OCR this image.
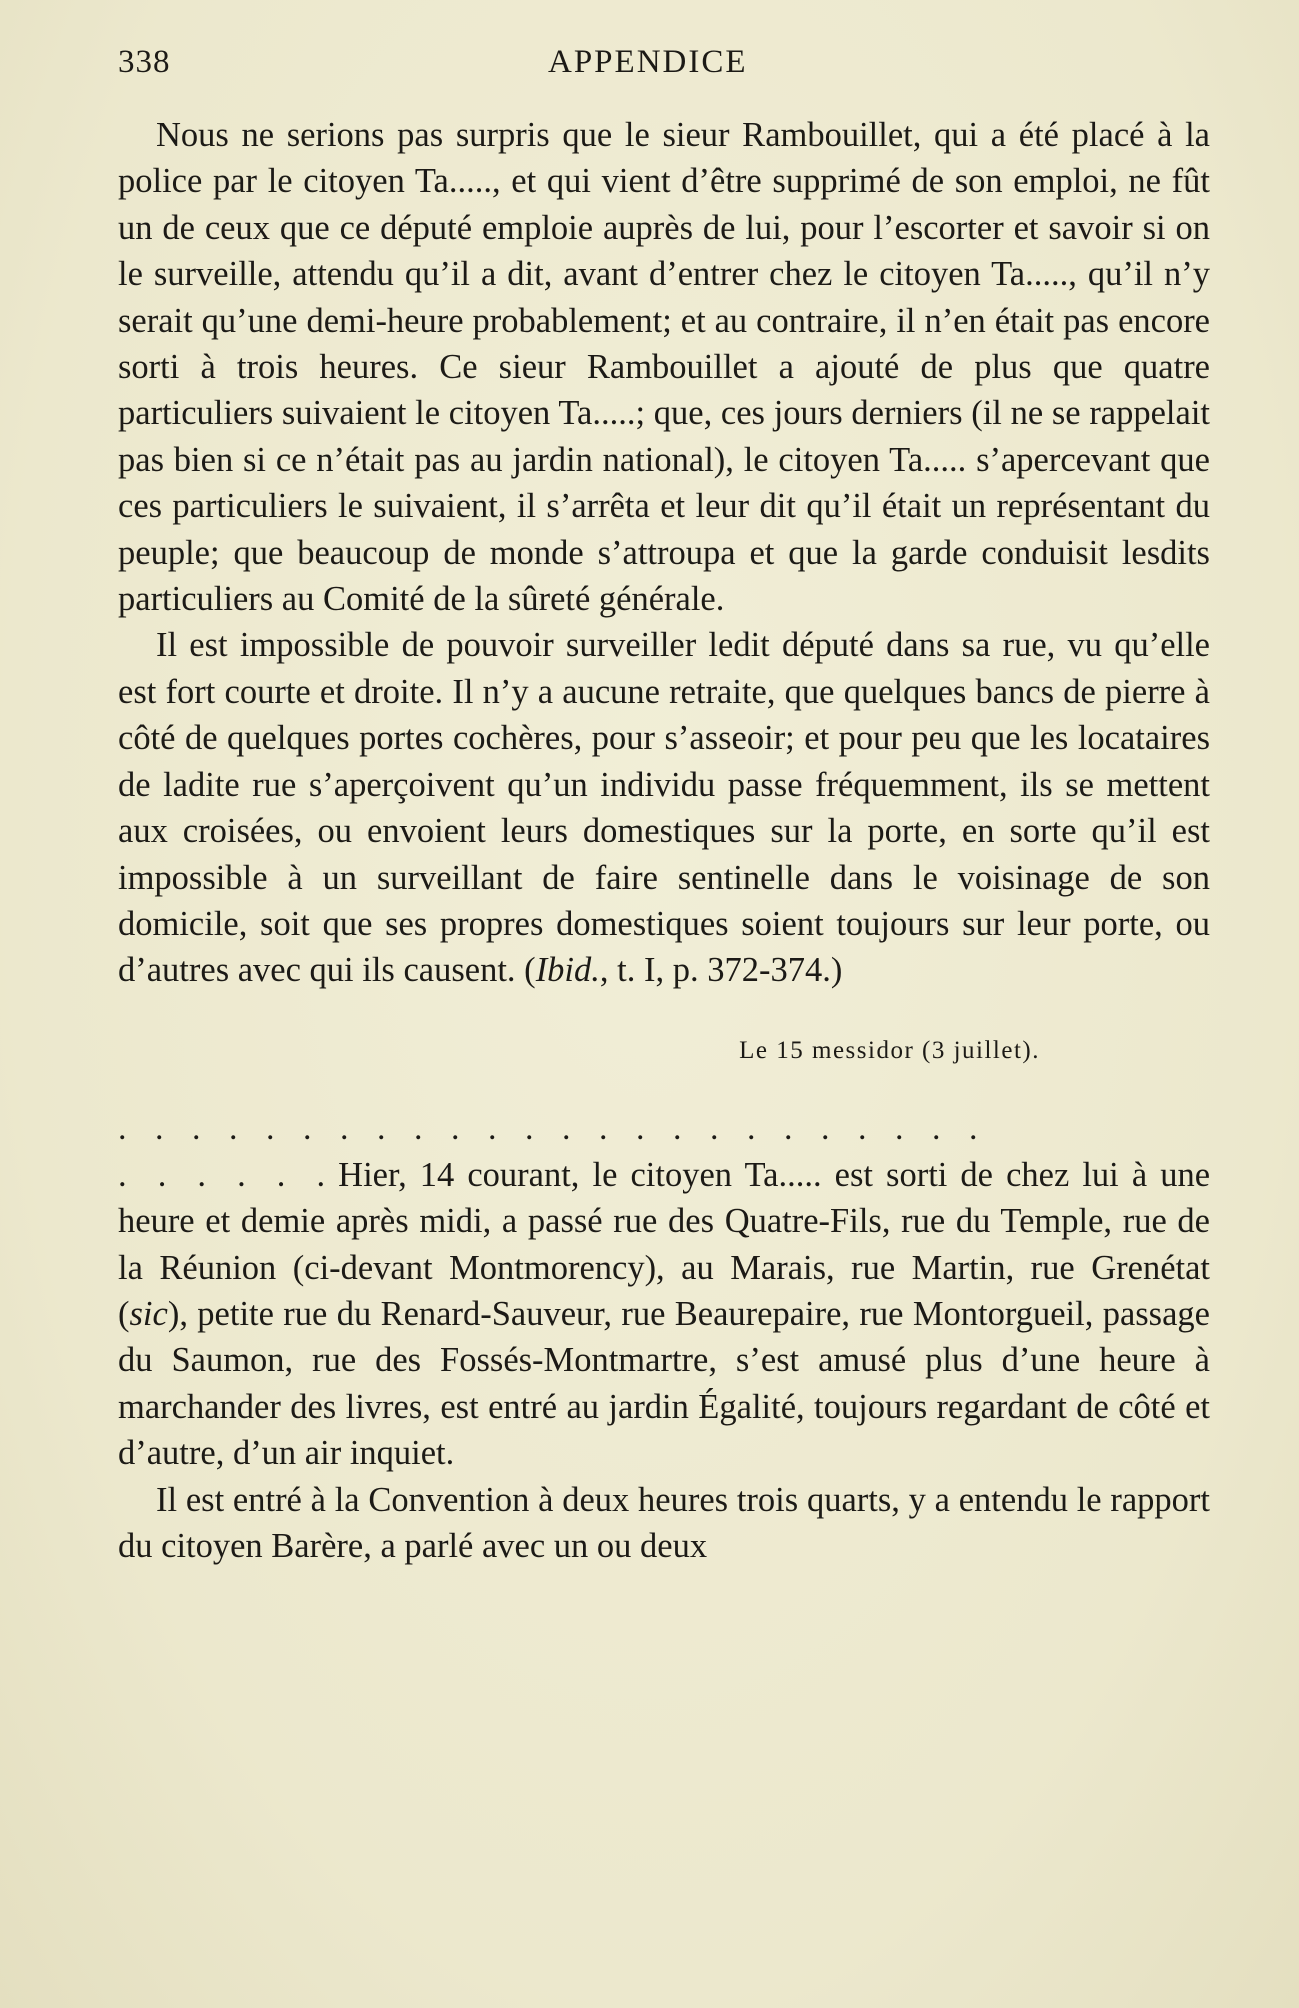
338	APPENDICE

Nous ne serions pas surpris que le sieur Rambouillet, qui a été placé à la police par le citoyen Ta....., et qui vient d’être supprimé de son emploi, ne fût un de ceux que ce député emploie auprès de lui, pour l’escorter et savoir si on le surveille, attendu qu’il a dit, avant d’entrer chez le citoyen Ta....., qu’il n’y serait qu’une demi-heure probablement; et au contraire, il n’en était pas encore sorti à trois heures. Ce sieur Rambouillet a ajouté de plus que quatre particuliers suivaient le citoyen Ta.....; que, ces jours derniers (il ne se rappelait pas bien si ce n’était pas au jardin national), le citoyen Ta..... s’apercevant que ces particuliers le suivaient, il s’arrêta et leur dit qu’il était un représentant du peuple; que beaucoup de monde s’attroupa et que la garde conduisit lesdits particuliers au Comité de la sûreté générale.

Il est impossible de pouvoir surveiller ledit député dans sa rue, vu qu’elle est fort courte et droite. Il n’y a aucune retraite, que quelques bancs de pierre à côté de quelques portes cochères, pour s’asseoir; et pour peu que les locataires de ladite rue s’aperçoivent qu’un individu passe fréquemment, ils se mettent aux croisées, ou envoient leurs domestiques sur la porte, en sorte qu’il est impossible à un surveillant de faire sentinelle dans le voisinage de son domicile, soit que ses propres domestiques soient toujours sur leur porte, ou d’autres avec qui ils causent. (Ibid., t. I, p. 372-374.)

Le 15 messidor (3 juillet).
. . . . . . . . . . . . . . . . . . . . . . . .

. . . . . . Hier, 14 courant, le citoyen Ta..... est sorti de chez lui à une heure et demie après midi, a passé rue des Quatre-Fils, rue du Temple, rue de la Réunion (ci-devant Montmorency), au Marais, rue Martin, rue Grenétat (sic), petite rue du Renard-Sauveur, rue Beaurepaire, rue Montorgueil, passage du Saumon, rue des Fossés-Montmartre, s’est amusé plus d’une heure à marchander des livres, est entré au jardin Égalité, toujours regardant de côté et d’autre, d’un air inquiet.

Il est entré à la Convention à deux heures trois quarts, y a entendu le rapport du citoyen Barère, a parlé avec un ou deux
